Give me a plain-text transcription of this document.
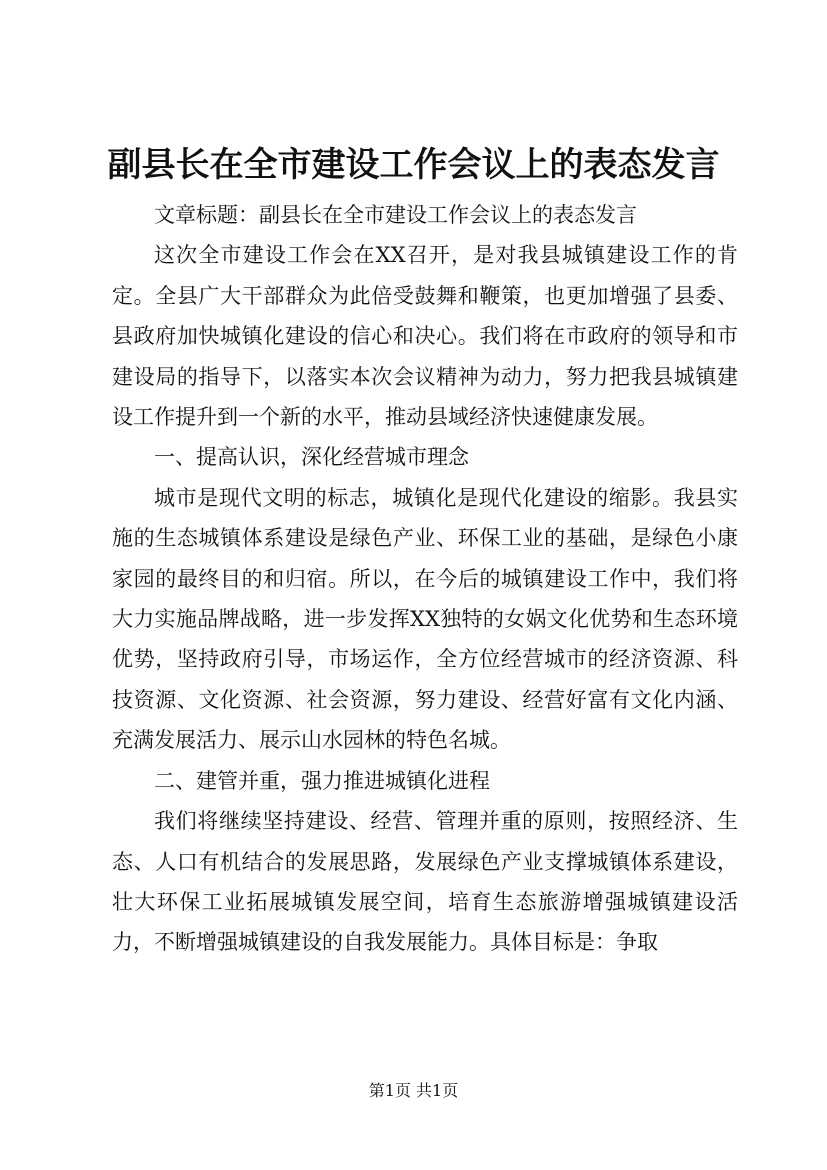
副县长在全市建设工作会议上的表态发言

文章标题：副县长在全市建设工作会议上的表态发言

这次全市建设工作会在XX召开，是对我县城镇建设工作的肯定。全县广大干部群众为此倍受鼓舞和鞭策，也更加增强了县委、县政府加快城镇化建设的信心和决心。我们将在市政府的领导和市建设局的指导下，以落实本次会议精神为动力，努力把我县城镇建设工作提升到一个新的水平，推动县域经济快速健康发展。

一、提高认识，深化经营城市理念

城市是现代文明的标志，城镇化是现代化建设的缩影。我县实施的生态城镇体系建设是绿色产业、环保工业的基础，是绿色小康家园的最终目的和归宿。所以，在今后的城镇建设工作中，我们将大力实施品牌战略，进一步发挥XX独特的女娲文化优势和生态环境优势，坚持政府引导，市场运作，全方位经营城市的经济资源、科技资源、文化资源、社会资源，努力建设、经营好富有文化内涵、充满发展活力、展示山水园林的特色名城。

二、建管并重，强力推进城镇化进程

我们将继续坚持建设、经营、管理并重的原则，按照经济、生态、人口有机结合的发展思路，发展绿色产业支撑城镇体系建设，壮大环保工业拓展城镇发展空间，培育生态旅游增强城镇建设活力，不断增强城镇建设的自我发展能力。具体目标是：争取

第1页 共1页
